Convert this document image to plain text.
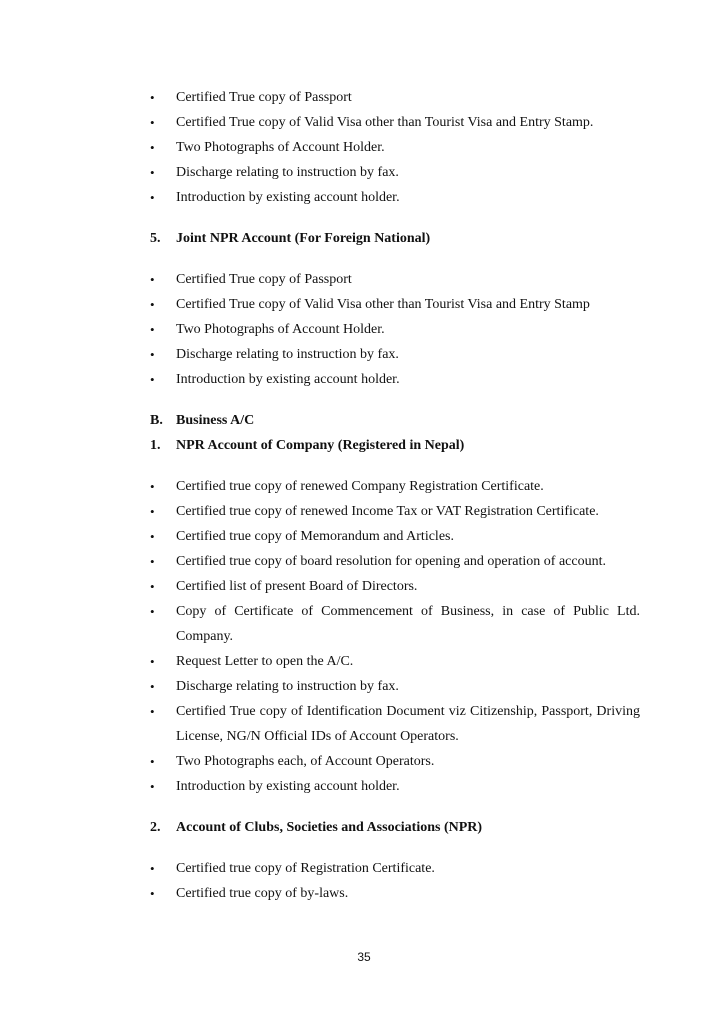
• Certified True copy of Passport
• Certified True copy of Valid Visa other than Tourist Visa and Entry Stamp.
• Two Photographs of Account Holder.
• Discharge relating to instruction by fax.
• Introduction by existing account holder.
5.	Joint NPR Account (For Foreign National)
• Certified True copy of Passport
• Certified True copy of Valid Visa other than Tourist Visa and Entry Stamp
• Two Photographs of Account Holder.
• Discharge relating to instruction by fax.
• Introduction by existing account holder.
B. Business A/C
1.	NPR Account of Company (Registered in Nepal)
• Certified true copy of renewed Company Registration Certificate.
• Certified true copy of renewed Income Tax or VAT Registration Certificate.
• Certified true copy of Memorandum and Articles.
• Certified true copy of board resolution for opening and operation of account.
• Certified list of present Board of Directors.
• Copy of Certificate of Commencement of Business, in case of Public Ltd. Company.
• Request Letter to open the A/C.
• Discharge relating to instruction by fax.
• Certified True copy of Identification Document viz Citizenship, Passport, Driving License, NG/N Official IDs of Account Operators.
• Two Photographs each, of Account Operators.
• Introduction by existing account holder.
2.	Account of Clubs, Societies and Associations (NPR)
• Certified true copy of Registration Certificate.
• Certified true copy of by-laws.
35
